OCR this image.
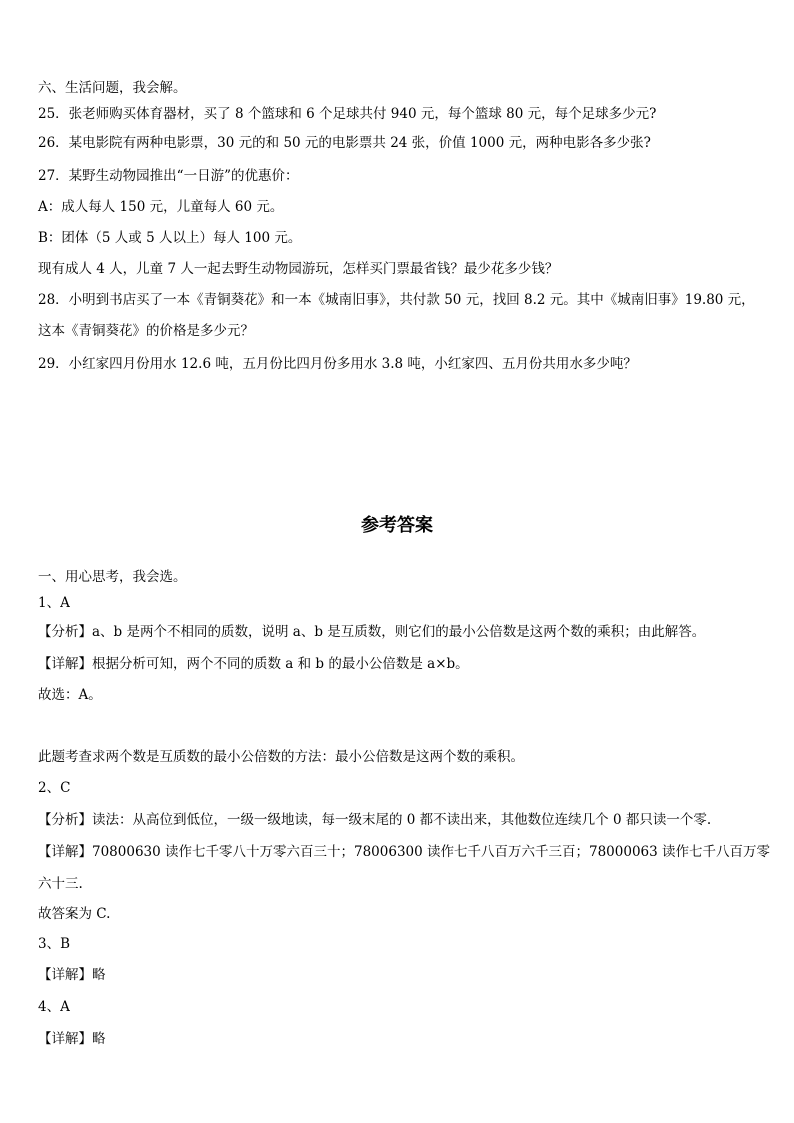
六、生活问题，我会解。
25．张老师购买体育器材，买了 8 个篮球和 6 个足球共付 940 元，每个篮球 80 元，每个足球多少元?
26．某电影院有两种电影票，30 元的和 50 元的电影票共 24 张，价值 1000 元，两种电影各多少张?
27．某野生动物园推出“一日游”的优惠价：
A：成人每人 150 元，儿童每人 60 元。
B：团体（5 人或 5 人以上）每人 100 元。
现有成人 4 人，儿童 7 人一起去野生动物园游玩，怎样买门票最省钱？最少花多少钱？
28．小明到书店买了一本《青铜葵花》和一本《城南旧事》，共付款 50 元，找回 8.2 元。其中《城南旧事》19.80 元，
这本《青铜葵花》的价格是多少元？
29．小红家四月份用水 12.6 吨，五月份比四月份多用水 3.8 吨，小红家四、五月份共用水多少吨？
参考答案
一、用心思考，我会选。
1、A
【分析】a、b 是两个不相同的质数，说明 a、b 是互质数，则它们的最小公倍数是这两个数的乘积；由此解答。
【详解】根据分析可知，两个不同的质数 a 和 b 的最小公倍数是 a×b。
故选：A。
此题考查求两个数是互质数的最小公倍数的方法：最小公倍数是这两个数的乘积。
2、C
【分析】读法：从高位到低位，一级一级地读，每一级末尾的 0 都不读出来，其他数位连续几个 0 都只读一个零.
【详解】70800630 读作七千零八十万零六百三十；78006300 读作七千八百万六千三百；78000063 读作七千八百万零
六十三.
故答案为 C.
3、B
【详解】略
4、A
【详解】略
